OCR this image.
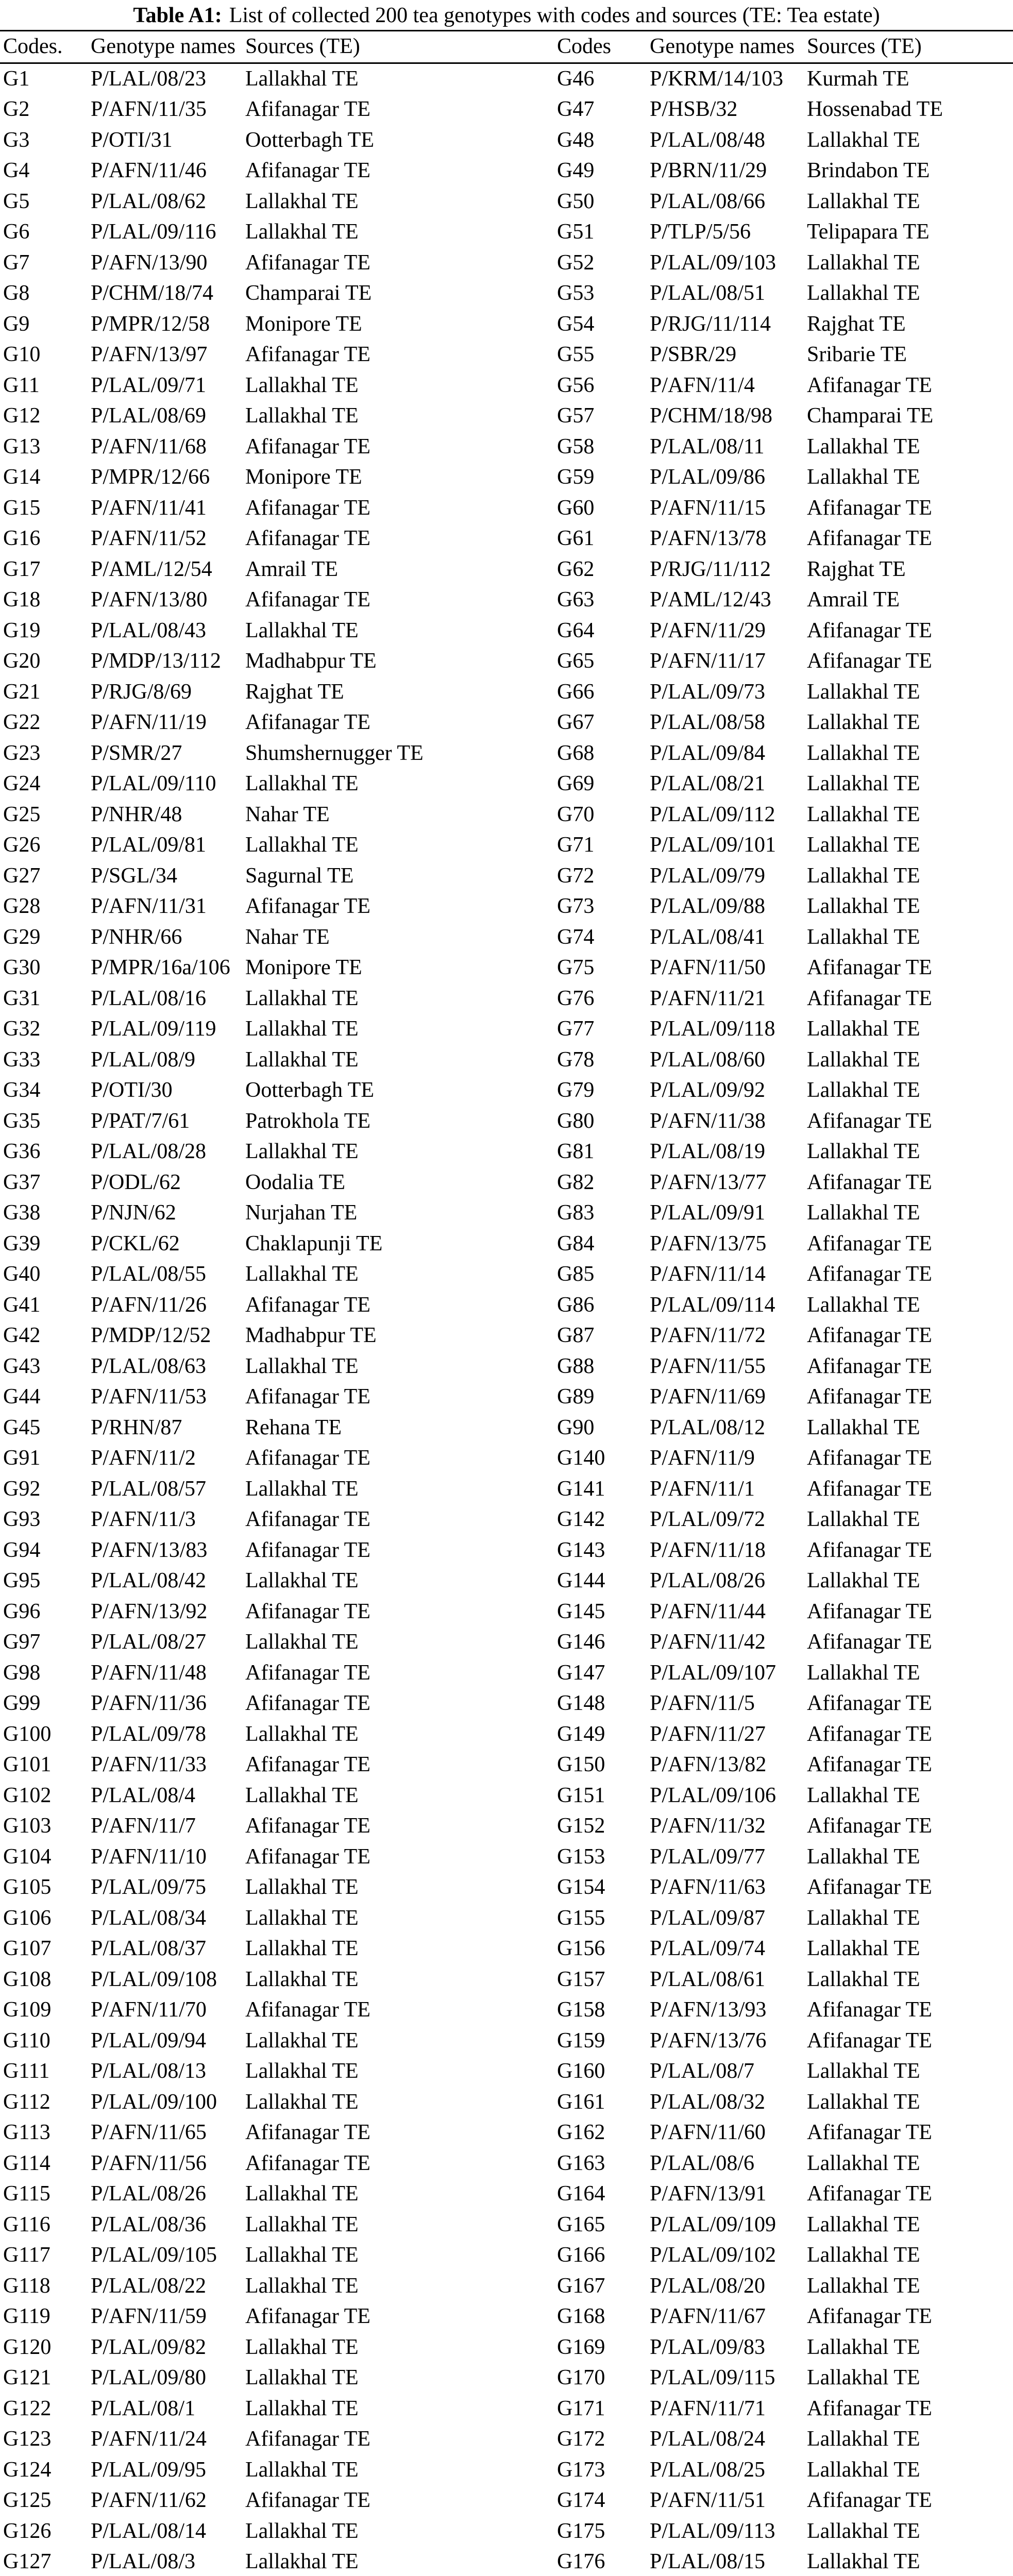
Table A1: List of collected 200 tea genotypes with codes and sources (TE: Tea estate)
Codes.	Genotype names	Sources (TE)	Codes	Genotype names	Sources (TE)
G1	P/LAL/08/23	Lallakhal TE	G46	P/KRM/14/103	Kurmah TE
G2	P/AFN/11/35	Afifanagar TE	G47	P/HSB/32	Hossenabad TE
G3	P/OTI/31	Ootterbagh TE	G48	P/LAL/08/48	Lallakhal TE
G4	P/AFN/11/46	Afifanagar TE	G49	P/BRN/11/29	Brindabon TE
G5	P/LAL/08/62	Lallakhal TE	G50	P/LAL/08/66	Lallakhal TE
G6	P/LAL/09/116	Lallakhal TE	G51	P/TLP/5/56	Telipapara TE
G7	P/AFN/13/90	Afifanagar TE	G52	P/LAL/09/103	Lallakhal TE
G8	P/CHM/18/74	Champarai TE	G53	P/LAL/08/51	Lallakhal TE
G9	P/MPR/12/58	Monipore TE	G54	P/RJG/11/114	Rajghat TE
G10	P/AFN/13/97	Afifanagar TE	G55	P/SBR/29	Sribarie TE
G11	P/LAL/09/71	Lallakhal TE	G56	P/AFN/11/4	Afifanagar TE
G12	P/LAL/08/69	Lallakhal TE	G57	P/CHM/18/98	Champarai TE
G13	P/AFN/11/68	Afifanagar TE	G58	P/LAL/08/11	Lallakhal TE
G14	P/MPR/12/66	Monipore TE	G59	P/LAL/09/86	Lallakhal TE
G15	P/AFN/11/41	Afifanagar TE	G60	P/AFN/11/15	Afifanagar TE
G16	P/AFN/11/52	Afifanagar TE	G61	P/AFN/13/78	Afifanagar TE
G17	P/AML/12/54	Amrail TE	G62	P/RJG/11/112	Rajghat TE
G18	P/AFN/13/80	Afifanagar TE	G63	P/AML/12/43	Amrail TE
G19	P/LAL/08/43	Lallakhal TE	G64	P/AFN/11/29	Afifanagar TE
G20	P/MDP/13/112	Madhabpur TE	G65	P/AFN/11/17	Afifanagar TE
G21	P/RJG/8/69	Rajghat TE	G66	P/LAL/09/73	Lallakhal TE
G22	P/AFN/11/19	Afifanagar TE	G67	P/LAL/08/58	Lallakhal TE
G23	P/SMR/27	Shumshernugger TE	G68	P/LAL/09/84	Lallakhal TE
G24	P/LAL/09/110	Lallakhal TE	G69	P/LAL/08/21	Lallakhal TE
G25	P/NHR/48	Nahar TE	G70	P/LAL/09/112	Lallakhal TE
G26	P/LAL/09/81	Lallakhal TE	G71	P/LAL/09/101	Lallakhal TE
G27	P/SGL/34	Sagurnal TE	G72	P/LAL/09/79	Lallakhal TE
G28	P/AFN/11/31	Afifanagar TE	G73	P/LAL/09/88	Lallakhal TE
G29	P/NHR/66	Nahar TE	G74	P/LAL/08/41	Lallakhal TE
G30	P/MPR/16a/106	Monipore TE	G75	P/AFN/11/50	Afifanagar TE
G31	P/LAL/08/16	Lallakhal TE	G76	P/AFN/11/21	Afifanagar TE
G32	P/LAL/09/119	Lallakhal TE	G77	P/LAL/09/118	Lallakhal TE
G33	P/LAL/08/9	Lallakhal TE	G78	P/LAL/08/60	Lallakhal TE
G34	P/OTI/30	Ootterbagh TE	G79	P/LAL/09/92	Lallakhal TE
G35	P/PAT/7/61	Patrokhola TE	G80	P/AFN/11/38	Afifanagar TE
G36	P/LAL/08/28	Lallakhal TE	G81	P/LAL/08/19	Lallakhal TE
G37	P/ODL/62	Oodalia TE	G82	P/AFN/13/77	Afifanagar TE
G38	P/NJN/62	Nurjahan TE	G83	P/LAL/09/91	Lallakhal TE
G39	P/CKL/62	Chaklapunji TE	G84	P/AFN/13/75	Afifanagar TE
G40	P/LAL/08/55	Lallakhal TE	G85	P/AFN/11/14	Afifanagar TE
G41	P/AFN/11/26	Afifanagar TE	G86	P/LAL/09/114	Lallakhal TE
G42	P/MDP/12/52	Madhabpur TE	G87	P/AFN/11/72	Afifanagar TE
G43	P/LAL/08/63	Lallakhal TE	G88	P/AFN/11/55	Afifanagar TE
G44	P/AFN/11/53	Afifanagar TE	G89	P/AFN/11/69	Afifanagar TE
G45	P/RHN/87	Rehana TE	G90	P/LAL/08/12	Lallakhal TE
G91	P/AFN/11/2	Afifanagar TE	G140	P/AFN/11/9	Afifanagar TE
G92	P/LAL/08/57	Lallakhal TE	G141	P/AFN/11/1	Afifanagar TE
G93	P/AFN/11/3	Afifanagar TE	G142	P/LAL/09/72	Lallakhal TE
G94	P/AFN/13/83	Afifanagar TE	G143	P/AFN/11/18	Afifanagar TE
G95	P/LAL/08/42	Lallakhal TE	G144	P/LAL/08/26	Lallakhal TE
G96	P/AFN/13/92	Afifanagar TE	G145	P/AFN/11/44	Afifanagar TE
G97	P/LAL/08/27	Lallakhal TE	G146	P/AFN/11/42	Afifanagar TE
G98	P/AFN/11/48	Afifanagar TE	G147	P/LAL/09/107	Lallakhal TE
G99	P/AFN/11/36	Afifanagar TE	G148	P/AFN/11/5	Afifanagar TE
G100	P/LAL/09/78	Lallakhal TE	G149	P/AFN/11/27	Afifanagar TE
G101	P/AFN/11/33	Afifanagar TE	G150	P/AFN/13/82	Afifanagar TE
G102	P/LAL/08/4	Lallakhal TE	G151	P/LAL/09/106	Lallakhal TE
G103	P/AFN/11/7	Afifanagar TE	G152	P/AFN/11/32	Afifanagar TE
G104	P/AFN/11/10	Afifanagar TE	G153	P/LAL/09/77	Lallakhal TE
G105	P/LAL/09/75	Lallakhal TE	G154	P/AFN/11/63	Afifanagar TE
G106	P/LAL/08/34	Lallakhal TE	G155	P/LAL/09/87	Lallakhal TE
G107	P/LAL/08/37	Lallakhal TE	G156	P/LAL/09/74	Lallakhal TE
G108	P/LAL/09/108	Lallakhal TE	G157	P/LAL/08/61	Lallakhal TE
G109	P/AFN/11/70	Afifanagar TE	G158	P/AFN/13/93	Afifanagar TE
G110	P/LAL/09/94	Lallakhal TE	G159	P/AFN/13/76	Afifanagar TE
G111	P/LAL/08/13	Lallakhal TE	G160	P/LAL/08/7	Lallakhal TE
G112	P/LAL/09/100	Lallakhal TE	G161	P/LAL/08/32	Lallakhal TE
G113	P/AFN/11/65	Afifanagar TE	G162	P/AFN/11/60	Afifanagar TE
G114	P/AFN/11/56	Afifanagar TE	G163	P/LAL/08/6	Lallakhal TE
G115	P/LAL/08/26	Lallakhal TE	G164	P/AFN/13/91	Afifanagar TE
G116	P/LAL/08/36	Lallakhal TE	G165	P/LAL/09/109	Lallakhal TE
G117	P/LAL/09/105	Lallakhal TE	G166	P/LAL/09/102	Lallakhal TE
G118	P/LAL/08/22	Lallakhal TE	G167	P/LAL/08/20	Lallakhal TE
G119	P/AFN/11/59	Afifanagar TE	G168	P/AFN/11/67	Afifanagar TE
G120	P/LAL/09/82	Lallakhal TE	G169	P/LAL/09/83	Lallakhal TE
G121	P/LAL/09/80	Lallakhal TE	G170	P/LAL/09/115	Lallakhal TE
G122	P/LAL/08/1	Lallakhal TE	G171	P/AFN/11/71	Afifanagar TE
G123	P/AFN/11/24	Afifanagar TE	G172	P/LAL/08/24	Lallakhal TE
G124	P/LAL/09/95	Lallakhal TE	G173	P/LAL/08/25	Lallakhal TE
G125	P/AFN/11/62	Afifanagar TE	G174	P/AFN/11/51	Afifanagar TE
G126	P/LAL/08/14	Lallakhal TE	G175	P/LAL/09/113	Lallakhal TE
G127	P/LAL/08/3	Lallakhal TE	G176	P/LAL/08/15	Lallakhal TE
